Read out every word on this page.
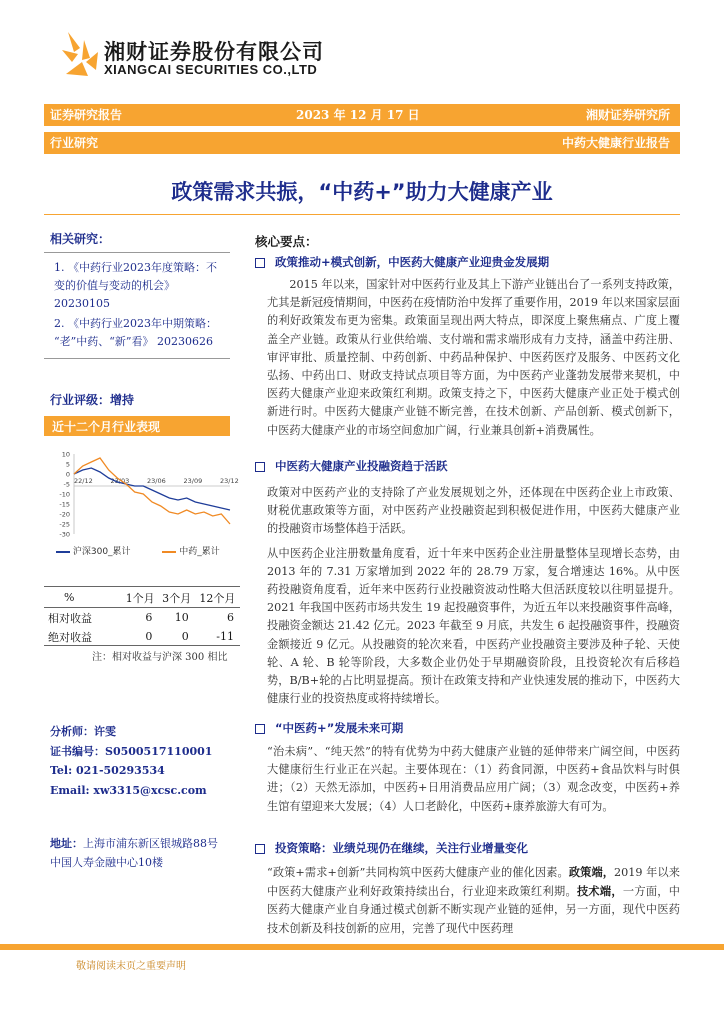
湘财证券股份有限公司
XIANGCAI SECURITIES CO.,LTD
证券研究报告	2023 年 12 月 17 日	湘财证券研究所
行业研究	中药大健康行业报告
政策需求共振，“中药+”助力大健康产业
相关研究：
1. 《中药行业2023年度策略：不
变的价值与变动的机会》
20230105
2. 《中药行业2023年中期策略：
“老”中药、“新”看》 20230626
行业评级：增持
近十二个月行业表现
10
5
0
-5
-10
-15
-20
-25
-30
22/12	23/03	23/06	23/09	23/12
沪深300_累计	中药_累计
%	1个月	3个月	12个月
相对收益	6	10	6
绝对收益	0	0	-11
注：相对收益与沪深 300 相比
分析师：许雯
证书编号：S0500517110001
Tel: 021-50293534
Email: xw3315@xcsc.com
地址：上海市浦东新区银城路88号
中国人寿金融中心10楼
核心要点：
政策推动+模式创新，中医药大健康产业迎贵金发展期

2015 年以来，国家针对中医药行业及其上下游产业链出台了一系列支持政策，尤其是新冠疫情期间，中医药在疫情防治中发挥了重要作用，2019 年以来国家层面的利好政策发布更为密集。政策面呈现出两大特点，即深度上聚焦痛点、广度上覆盖全产业链。政策从行业供给端、支付端和需求端形成有力支持，涵盖中药注册、审评审批、质量控制、中药创新、中药品种保护、中医药医疗及服务、中医药文化弘扬、中药出口、财政支持试点项目等方面，为中医药产业蓬勃发展带来契机，中医药大健康产业迎来政策红利期。政策支持之下，中医药大健康产业正处于模式创新进行时。中医药大健康产业链不断完善，在技术创新、产品创新、模式创新下，中医药大健康产业的市场空间愈加广阔，行业兼具创新+消费属性。

中医药大健康产业投融资趋于活跃

政策对中医药产业的支持除了产业发展规划之外，还体现在中医药企业上市政策、财税优惠政策等方面，对中医药产业投融资起到积极促进作用，中医药大健康产业的投融资市场整体趋于活跃。

从中医药企业注册数量角度看，近十年来中医药企业注册量整体呈现增长态势，由 2013 年的 7.31 万家增加到 2022 年的 28.79 万家，复合增速达 16%。从中医药投融资角度看，近年来中医药行业投融资波动性略大但活跃度较以往明显提升。2021 年我国中医药市场共发生 19 起投融资事件，为近五年以来投融资事件高峰，投融资金额达 21.42 亿元。2023 年截至 9 月底，共发生 6 起投融资事件，投融资金额接近 9 亿元。从投融资的轮次来看，中医药产业投融资主要涉及种子轮、天使轮、A 轮、B 轮等阶段，大多数企业仍处于早期融资阶段，且投资轮次有后移趋势，B/B+轮的占比明显提高。预计在政策支持和产业快速发展的推动下，中医药大健康行业的投资热度或将持续增长。

“中医药+”发展未来可期

“治未病”、“纯天然”的特有优势为中药大健康产业链的延伸带来广阔空间，中医药大健康衍生行业正在兴起。主要体现在：（1）药食同源，中医药+食品饮料与时俱进；（2）天然无添加，中医药+日用消费品应用广阔；（3）观念改变，中医药+养生馆有望迎来大发展；（4）人口老龄化，中医药+康养旅游大有可为。

投资策略：业绩兑现仍在继续，关注行业增量变化

“政策+需求+创新”共同构筑中医药大健康产业的催化因素。政策端，2019 年以来中医药大健康产业利好政策持续出台，行业迎来政策红利期。技术端，一方面，中医药大健康产业自身通过模式创新不断实现产业链的延伸，另一方面，现代中医药技术创新及科技创新的应用，完善了现代中医药理

敬请阅读末页之重要声明
